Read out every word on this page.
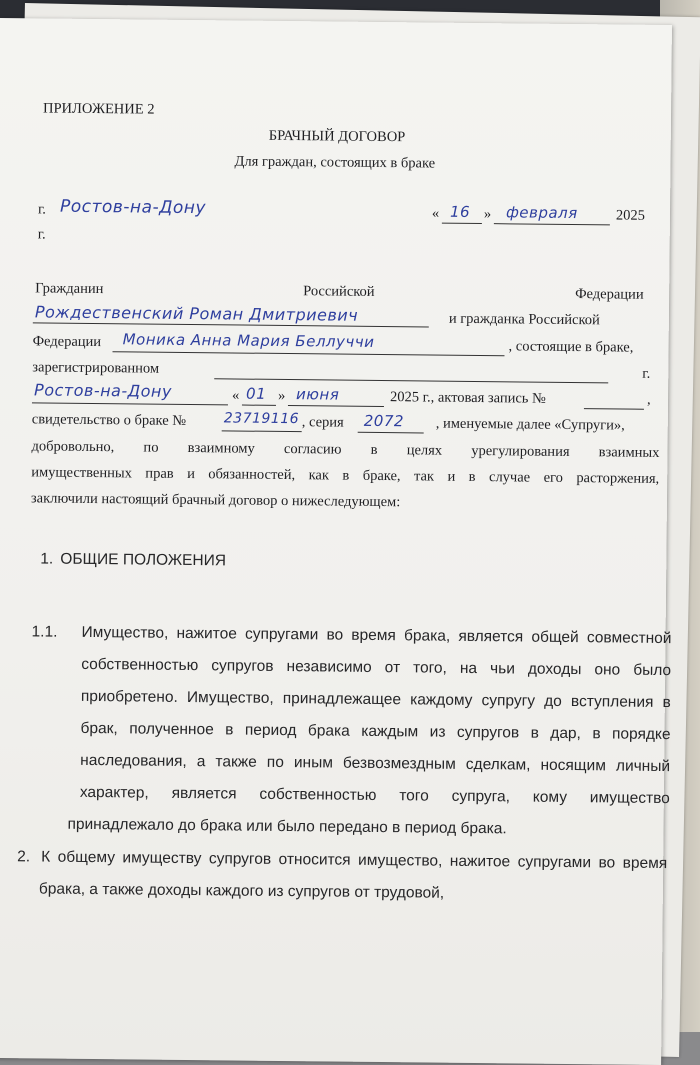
ПРИЛОЖЕНИЕ 2
БРАЧНЫЙ ДОГОВОР
Для граждан, состоящих в браке
г. Ростов-на-Дону	« 16 » февраля	2025
г.
Гражданин	Российской	Федерации
Рождественский Роман Дмитриевич	и гражданка Российской
Федерации Моника Анна Мария Беллуччи	, состоящие в браке,
зарегистрированном	г.
Ростов-на-Дону	« 01 » июня	2025 г., актовая запись №	,
свидетельство о браке №	23719116 , серия 2072 , именуемые далее «Супруги»,
добровольно, по взаимному согласию в целях урегулирования взаимных
имущественных прав и обязанностей, как в браке, так и в случае его расторжения,
заключили настоящий брачный договор о нижеследующем:
1. ОБЩИЕ ПОЛОЖЕНИЯ
1.1. Имущество, нажитое супругами во время брака, является общей совместной
собственностью супругов независимо от того, на чьи доходы оно было
приобретено. Имущество, принадлежащее каждому супругу до вступления в
брак, полученное в период брака каждым из супругов в дар, в порядке
наследования, а также по иным безвозмездным сделкам, носящим личный
характер, является собственностью того супруга, кому имущество
принадлежало до брака или было передано в период брака.
2. К общему имуществу супругов относится имущество, нажитое супругами во время
брака, а также доходы каждого из супругов от трудовой,
